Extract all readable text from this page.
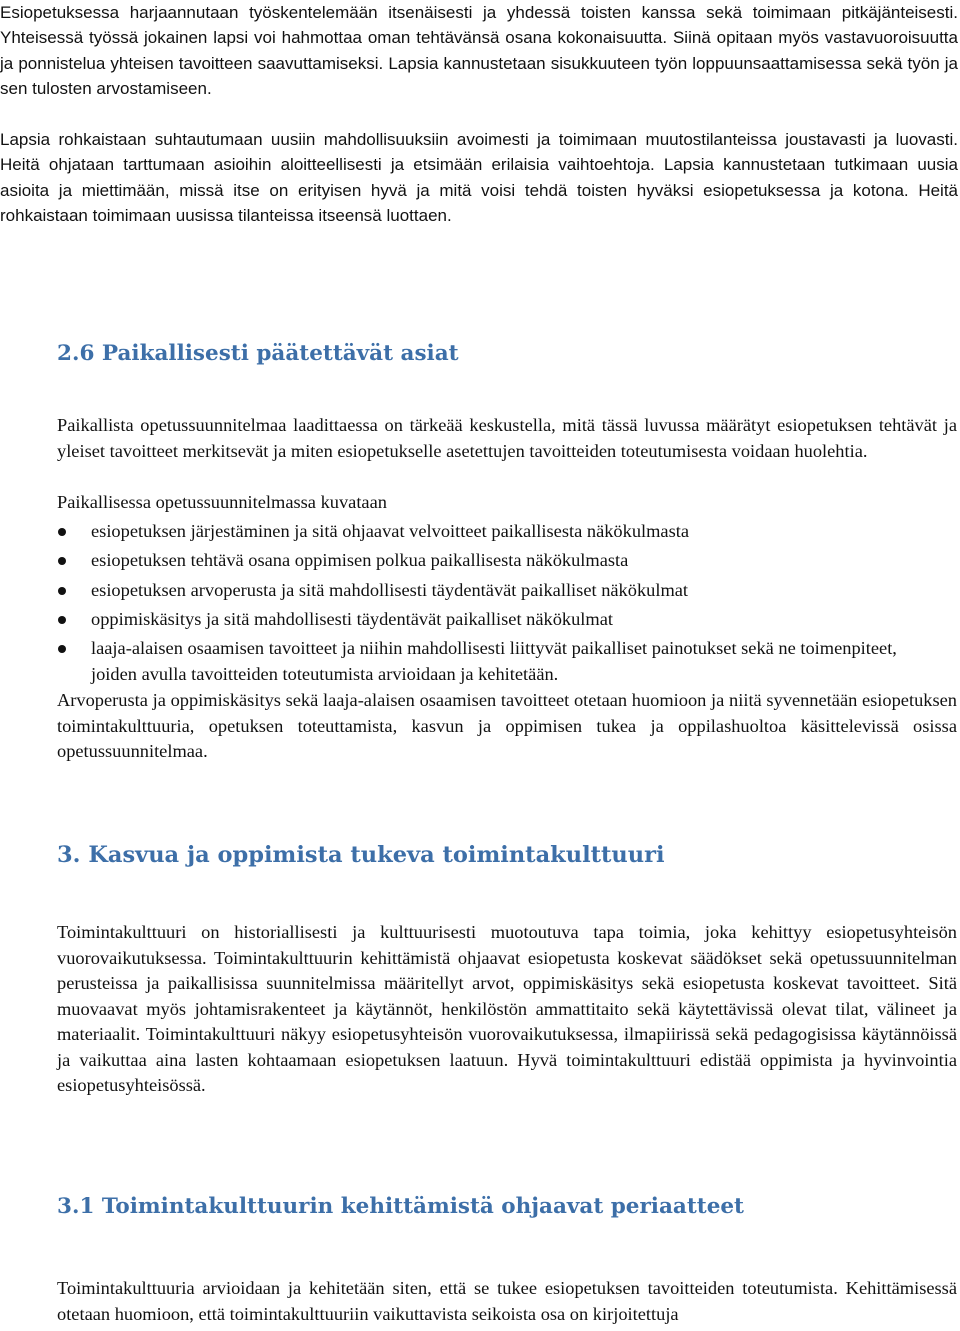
Esiopetuksessa harjaannutaan työskentelemään itsenäisesti ja yhdessä toisten kanssa sekä toimimaan pitkäjänteisesti. Yhteisessä työssä jokainen lapsi voi hahmottaa oman tehtävänsä osana kokonaisuutta. Siinä opitaan myös vastavuoroisuutta ja ponnistelua yhteisen tavoitteen saavuttamiseksi. Lapsia kannustetaan sisukkuuteen työn loppuunsaattamisessa sekä työn ja sen tulosten arvostamiseen.

Lapsia rohkaistaan suhtautumaan uusiin mahdollisuuksiin avoimesti ja toimimaan muutostilanteissa joustavasti ja luovasti. Heitä ohjataan tarttumaan asioihin aloitteellisesti ja etsimään erilaisia vaihtoehtoja. Lapsia kannustetaan tutkimaan uusia asioita ja miettimään, missä itse on erityisen hyvä ja mitä voisi tehdä toisten hyväksi esiopetuksessa ja kotona. Heitä rohkaistaan toimimaan uusissa tilanteissa itseensä luottaen.

2.6 Paikallisesti päätettävät asiat

Paikallista opetussuunnitelmaa laadittaessa on tärkeää keskustella, mitä tässä luvussa määrätyt esiopetuksen tehtävät ja yleiset tavoitteet merkitsevät ja miten esiopetukselle asetettujen tavoitteiden toteutumisesta voidaan huolehtia.

Paikallisessa opetussuunnitelmassa kuvataan

esiopetuksen järjestäminen ja sitä ohjaavat velvoitteet paikallisesta näkökulmasta
esiopetuksen tehtävä osana oppimisen polkua paikallisesta näkökulmasta
esiopetuksen arvoperusta ja sitä mahdollisesti täydentävät paikalliset näkökulmat
oppimiskäsitys ja sitä mahdollisesti täydentävät paikalliset näkökulmat
laaja-alaisen osaamisen tavoitteet ja niihin mahdollisesti liittyvät paikalliset painotukset sekä ne toimenpiteet, joiden avulla tavoitteiden toteutumista arvioidaan ja kehitetään.

Arvoperusta ja oppimiskäsitys sekä laaja-alaisen osaamisen tavoitteet otetaan huomioon ja niitä syvennetään esiopetuksen toimintakulttuuria, opetuksen toteuttamista, kasvun ja oppimisen tukea ja oppilashuoltoa käsittelevissä osissa opetussuunnitelmaa.

3. Kasvua ja oppimista tukeva toimintakulttuuri

Toimintakulttuuri on historiallisesti ja kulttuurisesti muotoutuva tapa toimia, joka kehittyy esiopetusyhteisön vuorovaikutuksessa. Toimintakulttuurin kehittämistä ohjaavat esiopetusta koskevat säädökset sekä opetussuunnitelman perusteissa ja paikallisissa suunnitelmissa määritellyt arvot, oppimiskäsitys sekä esiopetusta koskevat tavoitteet. Sitä muovaavat myös johtamisrakenteet ja käytännöt, henkilöstön ammattitaito sekä käytettävissä olevat tilat, välineet ja materiaalit. Toimintakulttuuri näkyy esiopetusyhteisön vuorovaikutuksessa, ilmapiirissä sekä pedagogisissa käytännöissä ja vaikuttaa aina lasten kohtaamaan esiopetuksen laatuun. Hyvä toimintakulttuuri edistää oppimista ja hyvinvointia esiopetusyhteisössä.

3.1 Toimintakulttuurin kehittämistä ohjaavat periaatteet

Toimintakulttuuria arvioidaan ja kehitetään siten, että se tukee esiopetuksen tavoitteiden toteutumista. Kehittämisessä otetaan huomioon, että toimintakulttuuriin vaikuttavista seikoista osa on kirjoitettuja
